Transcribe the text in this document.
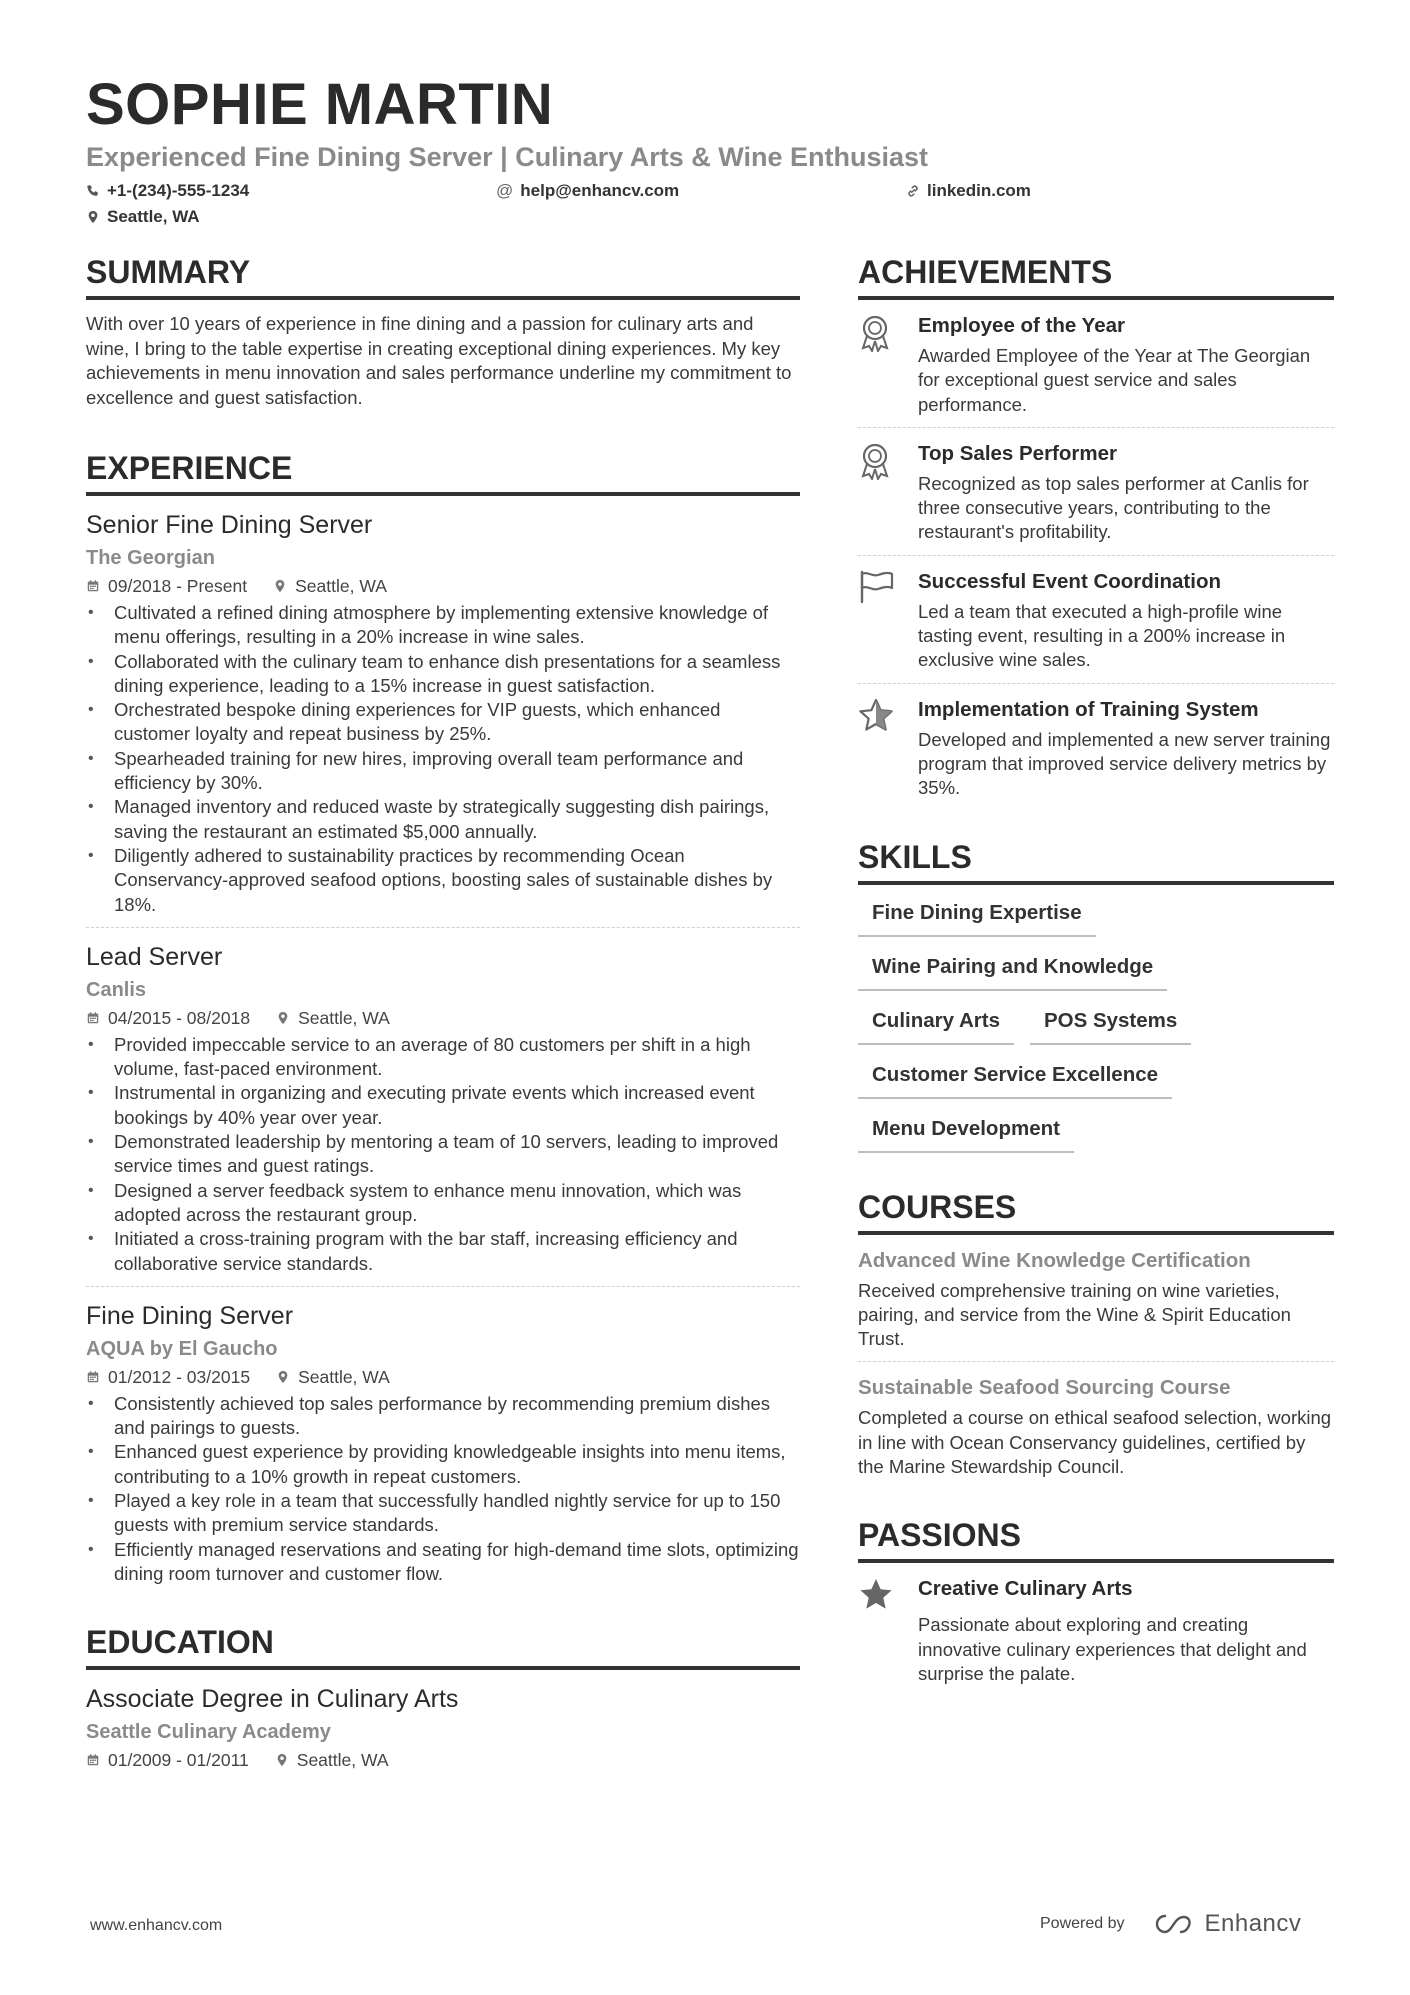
SOPHIE MARTIN
Experienced Fine Dining Server | Culinary Arts & Wine Enthusiast
+1-(234)-555-1234	@ help@enhancv.com	linkedin.com
Seattle, WA
SUMMARY
With over 10 years of experience in fine dining and a passion for culinary arts and wine, I bring to the table expertise in creating exceptional dining experiences. My key achievements in menu innovation and sales performance underline my commitment to excellence and guest satisfaction.
EXPERIENCE
Senior Fine Dining Server
The Georgian
09/2018 - Present	Seattle, WA
• Cultivated a refined dining atmosphere by implementing extensive knowledge of menu offerings, resulting in a 20% increase in wine sales.
• Collaborated with the culinary team to enhance dish presentations for a seamless dining experience, leading to a 15% increase in guest satisfaction.
• Orchestrated bespoke dining experiences for VIP guests, which enhanced customer loyalty and repeat business by 25%.
• Spearheaded training for new hires, improving overall team performance and efficiency by 30%.
• Managed inventory and reduced waste by strategically suggesting dish pairings, saving the restaurant an estimated $5,000 annually.
• Diligently adhered to sustainability practices by recommending Ocean Conservancy-approved seafood options, boosting sales of sustainable dishes by 18%.
Lead Server
Canlis
04/2015 - 08/2018	Seattle, WA
• Provided impeccable service to an average of 80 customers per shift in a high volume, fast-paced environment.
• Instrumental in organizing and executing private events which increased event bookings by 40% year over year.
• Demonstrated leadership by mentoring a team of 10 servers, leading to improved service times and guest ratings.
• Designed a server feedback system to enhance menu innovation, which was adopted across the restaurant group.
• Initiated a cross-training program with the bar staff, increasing efficiency and collaborative service standards.
Fine Dining Server
AQUA by El Gaucho
01/2012 - 03/2015	Seattle, WA
• Consistently achieved top sales performance by recommending premium dishes and pairings to guests.
• Enhanced guest experience by providing knowledgeable insights into menu items, contributing to a 10% growth in repeat customers.
• Played a key role in a team that successfully handled nightly service for up to 150 guests with premium service standards.
• Efficiently managed reservations and seating for high-demand time slots, optimizing dining room turnover and customer flow.
EDUCATION
Associate Degree in Culinary Arts
Seattle Culinary Academy
01/2009 - 01/2011	Seattle, WA
ACHIEVEMENTS
Employee of the Year
Awarded Employee of the Year at The Georgian for exceptional guest service and sales performance.
Top Sales Performer
Recognized as top sales performer at Canlis for three consecutive years, contributing to the restaurant's profitability.
Successful Event Coordination
Led a team that executed a high-profile wine tasting event, resulting in a 200% increase in exclusive wine sales.
Implementation of Training System
Developed and implemented a new server training program that improved service delivery metrics by 35%.
SKILLS
Fine Dining Expertise
Wine Pairing and Knowledge
Culinary Arts	POS Systems
Customer Service Excellence
Menu Development
COURSES
Advanced Wine Knowledge Certification
Received comprehensive training on wine varieties, pairing, and service from the Wine & Spirit Education Trust.
Sustainable Seafood Sourcing Course
Completed a course on ethical seafood selection, working in line with Ocean Conservancy guidelines, certified by the Marine Stewardship Council.
PASSIONS
Creative Culinary Arts
Passionate about exploring and creating innovative culinary experiences that delight and surprise the palate.
www.enhancv.com	Powered by	Enhancv
